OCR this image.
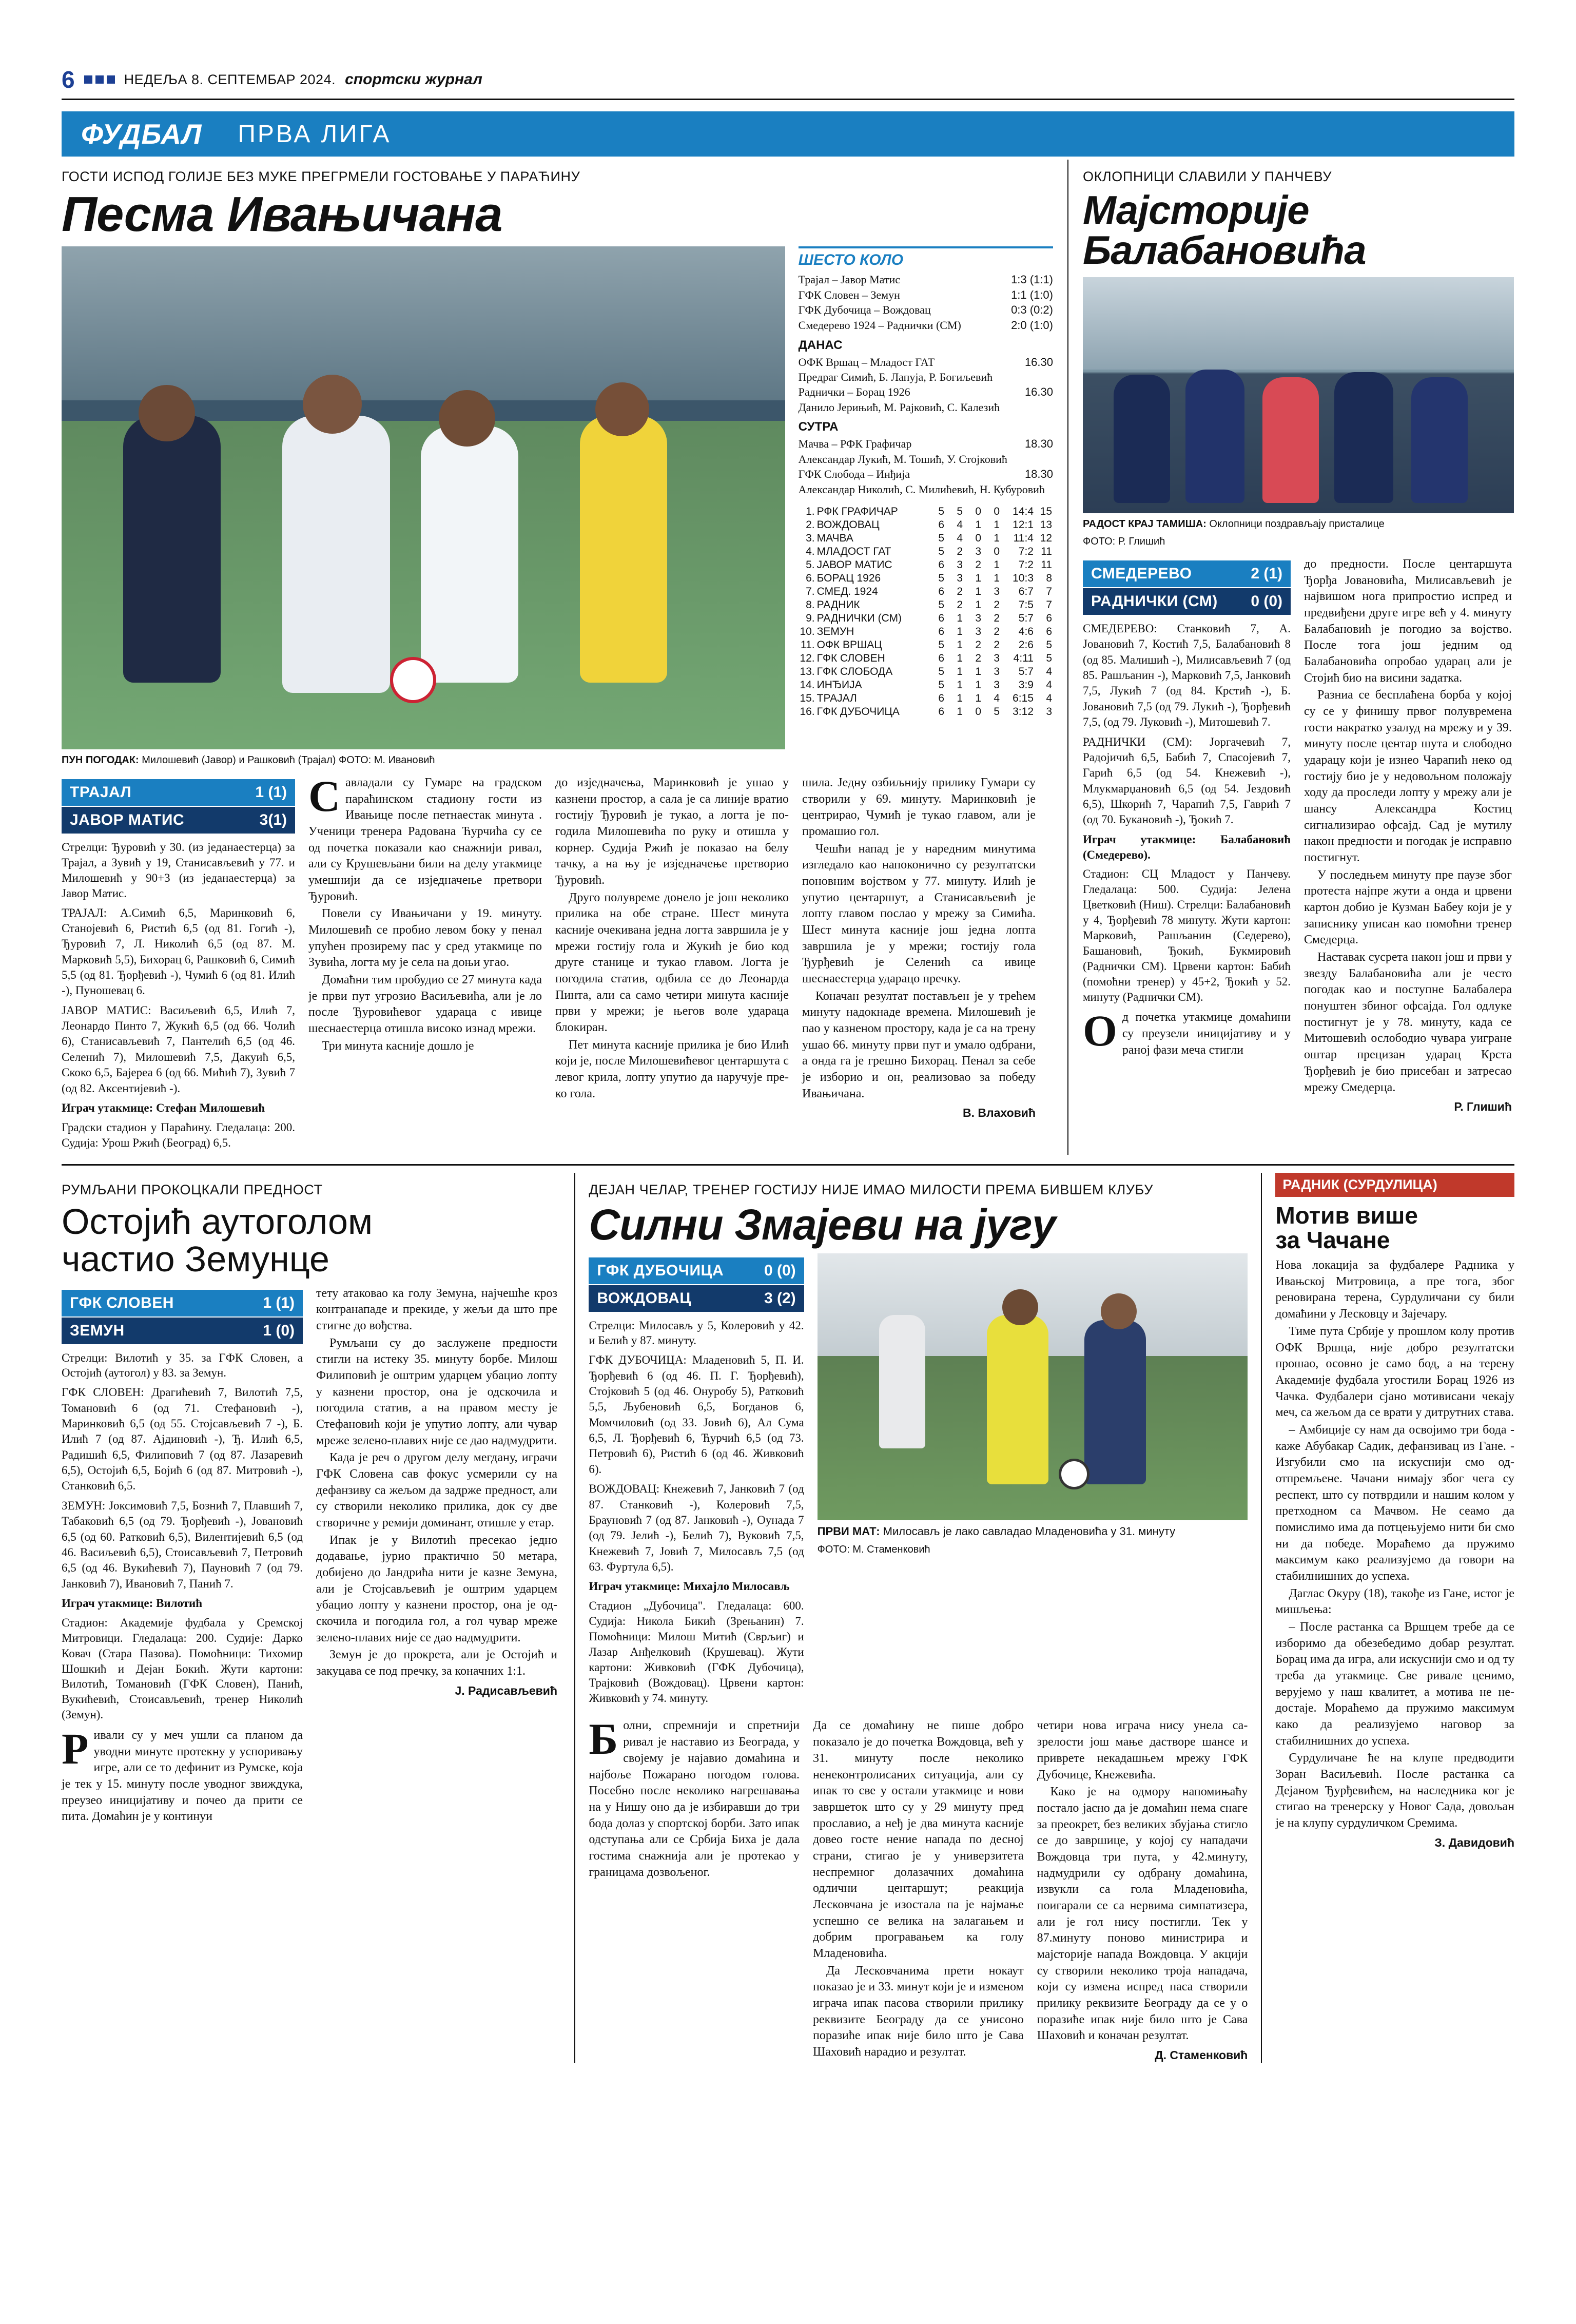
6	НЕДЕЉА 8. СЕПТЕМБАР 2024. спортски журнал
ФУДБАЛ	ПРВА ЛИГА
ГОСТИ ИСПОД ГОЛИЈЕ БЕЗ МУКЕ ПРЕГРМЕЛИ ГОСТОВАЊЕ У ПАРАЋИНУ
Песма Ивањичана
ПУН ПОГОДАК: Милошевић (Јавор) и Рашковић (Трајал) ФОТО: М. Ивановић
ШЕСТО КОЛО
Трајал – Јавор Матис	1:3 (1:1)
ГФК Словен – Земун	1:1 (1:0)
ГФК Дубочица – Вождовац	0:3 (0:2)
Смедерево 1924 – Раднички (СМ)	2:0 (1:0)
ДАНАС
ОФК Вршац – Младост ГАТ	16.30
Предраг Симић, Б. Лапуја, Р. Богиљевић
Раднички – Борац 1926	16.30
Данило Јерињић, М. Рајковић, С. Калезић
СУТРА
Мачва – РФК Графичар	18.30
Александар Лукић, М. Тошић, У. Стојковић
ГФК Слобода – Инђија	18.30
Александар Николић, С. Милићевић, Н. Кубуровић
1.	РФК ГРАФИЧАР	5	5	0	0	14:4	15
2.	ВОЖДОВАЦ	6	4	1	1	12:1	13
3.	МАЧВА	5	4	0	1	11:4	12
4.	МЛАДОСТ ГАТ	5	2	3	0	7:2	11
5.	ЈАВОР МАТИС	6	3	2	1	7:2	11
6.	БОРАЦ 1926	5	3	1	1	10:3	8
7.	СМЕД. 1924	6	2	1	3	6:7	7
8.	РАДНИК	5	2	1	2	7:5	7
9.	РАДНИЧКИ (СМ)	6	1	3	2	5:7	6
10.	ЗЕМУН	6	1	3	2	4:6	6
11.	ОФК ВРШАЦ	5	1	2	2	2:6	5
12.	ГФК СЛОВЕН	6	1	2	3	4:11	5
13.	ГФК СЛОБОДА	5	1	1	3	5:7	4
14.	ИНЂИЈА	5	1	1	3	3:9	4
15.	ТРАЈАЛ	6	1	1	4	6:15	4
16.	ГФК ДУБОЧИЦА	6	1	0	5	3:12	3
ТРАЈАЛ	1 (1)
ЈАВОР МАТИС	3(1)
Стрелци: Ђуровић у 30. (из једанаестерца) за Трајал, а Зувић у 19, Станисављевић у 77. и Милошевић у 90+3 (из једанаестерца) за Јавор Матис.
ТРАЈАЛ: А.Симић 6,5, Маринковић 6, Станојевић 6, Ристић 6,5 (од 81. Гогић -), Ђуровић 7, Л. Николић 6,5 (од 87. М. Марковић 5,5), Бихорац 6, Рашковић 6, Симић 5,5 (од 81. Ђорђевић -), Чумић 6 (од 81. Илић -), Пуношевац 6.
ЈАВОР МАТИС: Васиљевић 6,5, Илић 7, Леонардо Пинто 7, Жукић 6,5 (од 66. Чолић 6), Станисављевић 7, Пантелић 6,5 (од 46. Селенић 7), Милошевић 7,5, Дакуић 6,5, Скоко 6,5, Бајереа 6 (од 66. Мићић 7), Зувић 7 (од 82. Аксентијевић -).
Играч утакмице: Стефан Милошевић
Градски стадион у Параћину. Гледалаца: 200. Судија: Урош Ржић (Београд) 6,5.

Савладали су Гумаре на градском параћинском стадиону гости из Ивањице после петнаестак минута . Ученици тренера Радована Ћурчића су се од почетка показали као снажнији ривал, али су Крушевљани били на делу утакмице умешнији да се изједначење претвори Ђуровић.

Повели су Ивањичани у 19. минуту. Милошевић се пробио левом боку у пенал упућен прозирему пас у сред утакмице по Зувића, логта му је села на доњи угао.

Домаћни тим пробудио се 27 минута када је први пут угрозио Васиљевића, али је ло после Ђуровићевог удараца с ивице шеснаестерца отишла високо изнад мрежи.

Три минута касније дошло је

до изједначења, Маринковић је ушао у казнени простор, а сала је са линије вратио гостију Ђуровић је тукао, а логта је погодила Милошевића по руку и отишла у корнер. Судија Ржић је показао на белу тачку, а на њу је изједначење претворио Ђуровић.

Друго полувреме донело је још неколико прилика на обе стране. Шест минута касније очекивана једна логта завршила је у мрежи гостију гола и Жукић је био код друге станице и тукао главом. Логта је погодила статив, одбила се до Леонарда Пинта, али са само четири минута касније први у мрежи; је његов воле удараца блокиран.

Пет минута касније прилика је био Илић који је, после Милошевићевог центаршута с левог крила, лопту упутио да наручује преко гола.

шила. Једну озбиљнију прилику Гумари су створили у 69. минуту. Маринковић је центрирао, Чумић је тукао главом, али је промашио гол.

Чешћи напад је у наредним минутима изгледало као напоконично су резултатски поновним војством у 77. минуту. Илић је упутио центаршут, а Станисављевић је лопту главом послао у мрежу за Симића. Шест минута касније још једна лопта завршила је у мрежи; гостију гола Ђурђевић је Селенић са ивице шеснаестерца ударацо пречку.

Коначан резултат постављен је у трећем минуту надокнаде времена. Милошевић је пао у казненом простору, када је са на трену ушао 66. минуту први пут и умало одбрани, а онда га је грешно Бихорац. Пенал за себе је изборио и он, реализовао за победу Ивањичана.

В. Влаховић
ОКЛОПНИЦИ СЛАВИЛИ У ПАНЧЕВУ
Мајсторије Балабановића
РАДОСТ КРАЈ ТАМИША: Оклопници поздрављају присталице
ФОТО: Р. Глишић
СМЕДЕРЕВО	2 (1)
РАДНИЧКИ (СМ)	0 (0)
СМЕДЕРЕВО: Станковић 7, А. Јовановић 7, Костић 7,5, Балабановић 8 (од 85. Малишић -), Милисављевић 7 (од 85. Рашљанин -), Марковић 7,5, Јанковић 7,5, Лукић 7 (од 84. Крстић -), Б. Јовановић 7,5 (од 79. Лукић -), Ђорђевић 7,5, (од 79. Луковић -), Митошевић 7.
РАДНИЧКИ (СМ): Јоргачевић 7, Радојичић 6,5, Бабић 7, Спасојевић 7, Гарић 6,5 (од 54. Кнежевић -), Млукмарџановић 6,5 (од 54. Јездовић 6,5), Шкорић 7, Чарапић 7,5, Гаврић 7 (од 70. Букановић -), Ђокић 7.
Играч утакмице: Балабановић (Смедерево).
Стадион: СЦ Младост у Панчеву. Гледалаца: 500. Судија: Јелена Цветковић (Ниш). Стрелци: Балабановић у 4, Ђорђевић 78 минуту. Жути картон: Марковић, Рашљанин (Седерево), Башановић, Ђокић, Букмировић (Раднички СМ). Црвени картон: Бабић (помоћни тренер) у 45+2, Ђокић у 52. минуту (Раднички СМ).

Од почетка утакмице домаћини су преузели иницијативу и у раној фази меча стигли

до предности. После центаршута Ђорђа Јовановића, Милисављевић је највишом нога припростио испред и предвиђени друге игре већ у 4. минуту Балабановић је погодио за војство. После тога још једним од Балабановића опробао ударац али је Стојић био на висини задатка.

Разниа се бесплаћена борба у којој су се у финишу првог полувремена гости накратко узалуд на мрежу и у 39. минуту после центар шута и слободно ударацу који је изнео Чарапић неко од гостију био је у недовољном положају ходу да проследи лопту у мрежу али је шансу Александра Костиц сигнализирао офсајд. Сад је мутилу након предности и погодак је исправно постигнут.

У последњем минуту пре паузе због протеста најпре жути а онда и црвени картон добио је Кузман Бабеу који је у записнику уписан као помоћни тренер Смедерца.

Наставак сусрета након још и први у звезду Балабановића али је често погодак као и поступне Балабалера понуштен збиног офсајда. Гол одлуке постигнут је у 78. минуту, када се Митошевић ослободио чувара уигране оштар прецизан ударац Крста Ђорђевић је био присебан и затресао мрежу Смедерца.

Р. Глишић
РУМЉАНИ ПРОКОЦКАЛИ ПРЕДНОСТ
Остојић аутоголом
частио Земунце
ГФК СЛОВЕН	1 (1)
ЗЕМУН	1 (0)
Стрелци: Вилотић у 35. за ГФК Словен, а Остојић (аутогол) у 83. за Земун.
ГФК СЛОВЕН: Драгићевић 7, Вилотић 7,5, Томановић 6 (од 71. Стефановић -), Маринковић 6,5 (од 55. Стојсављевић 7 -), Б. Илић 7 (од 87. Ајдиновић -), Ђ. Илић 6,5, Радишић 6,5, Филиповић 7 (од 87. Лазаревић 6,5), Остојић 6,5, Бојић 6 (од 87. Митровић -), Станковић 6,5.
ЗЕМУН: Јоксимовић 7,5, Бознић 7, Плавшић 7, Табаковић 6,5 (од 79. Ђорђевић -), Јовановић 6,5 (од 60. Ратковић 6,5), Вилентијевић 6,5 (од 46. Васиљевић 6,5), Стоисављевић 7, Петровић 6,5 (од 46. Вукићевић 7), Пауновић 7 (од 79. Јанковић 7), Ивановић 7, Панић 7.
Играч утакмице: Вилотић
Стадион: Академије фудбала у Сремској Митровици. Гледалаца: 200. Судије: Дарко Ковач (Стара Пазова). Помоћници: Тихомир Шошкић и Дејан Бокић. Жути картони: Вилотић, Томановић (ГФК Словен), Панић, Вукићевић, Стоисављевић, тренер Николић (Земун).

Ривали су у меч ушли са планом да уводни минуте протекну у успоривању игре, али се то дефинит из Румске, која је тек у 15. минуту после уводног звиждука, преузео иницијативу и почео да прити се пита. Домаћин је у континуи

тету атаковао ка голу Земуна, најчешће кроз контранападе и прекиде, у жељи да што пре стигне до вођства.

Румљани су до заслужене предности стигли на истеку 35. минуту борбе. Милош Филиповић је оштрим ударцем убацио лопту у казнени простор, она је одскочила и погодила статив, а на правом месту је Стефановић који је упутио лопту, али чувар мреже зелено-плавих није се дао надмудрити.

Када је реч о другом делу мегдану, играчи ГФК Словена сав фокус усмерили су на дефанзиву са жељом да задрже предност, али су створили неколико прилика, док су две створичне у ремији доминант, отишле у етар.

Ипак је у Вилотић пресекао једно додавање, јурио практично 50 метара, добијено до Јандрића нити је казне Земуна, али је Стојсављевић је оштрим ударцем убацио лопту у казнени простор, она је одскочила и погодила гол, а гол чувар мреже зелено-плавих није се дао надмудрити.

Земун је до прокрета, али је Остојић и закуцава се под пречку, за коначних 1:1.

Ј. Радисављевић
ДЕЈАН ЧЕЛАР, ТРЕНЕР ГОСТИЈУ НИЈЕ ИМАО МИЛОСТИ ПРЕМА БИВШЕМ КЛУБУ
Силни Змајеви на југу
ГФК ДУБОЧИЦА	0 (0)
ВОЖДОВАЦ	3 (2)
Стрелци: Милосављ у 5, Колеровић у 42. и Белић у 87. минуту.
ГФК ДУБОЧИЦА: Младеновић 5, П. И. Ђорђевић 6 (од 46. П. Г. Ђорђевић), Стојковић 5 (од 46. Онуробу 5), Ратковић 5,5, Љубеновић 6,5, Богданов 6, Момчиловић (од 33. Јовић 6), Ал Сума 6,5, Л. Ђорђевић 6, Ћурчић 6,5 (од 73. Петровић 6), Ристић 6 (од 46. Живковић 6).
ВОЖДОВАЦ: Кнежевић 7, Јанковић 7 (од 87. Станковић -), Колеровић 7,5, Брауновић 7 (од 87. Јанковић -), Оунада 7 (од 79. Јелић -), Белић 7), Вуковић 7,5, Кнежевић 7, Јовић 7, Милосављ 7,5 (од 63. Фуртула 6,5).
Играч утакмице: Михајло Милосављ
Стадион „Дубочица". Гледалаца: 600. Судија: Никола Бикић (Зрењанин) 7. Помоћници: Милош Митић (Сврљиг) и Лазар Анђелковић (Крушевац). Жути картони: Живковић (ГФК Дубочица), Трајковић (Вождовац). Црвени картон: Живковић у 74. минуту.
ПРВИ МАТ: Милосављ је лако савладао Младеновића у 31. минуту
ФОТО: М. Стаменковић

Болни, спремнији и спретнији ривал је наставио из Београда, у својему је најавио домаћина и најбоље Пожарано погодом голова. Посебно после неколико нагрешавања на у Нишу оно да је избиравши до три бода долаз у спортској борби. Зато ипак одступања али се Србија Биха је дала гостима снажнија али је протекао у границама дозвољеног.

Да се домаћину не пише добро показало је до почетка Вождовца, већ у 31. минуту после неколико ненеконтролисаних ситуација, али су ипак то све у остали утакмице и нови завршеток што су у 29 минуту пред прославио, а неђ је два минута касније довео госте нение напада по десној страни, стигао је у универзитета неспремног долазачних домаћина одлични центаршут; реакција Лесковчана је изостала па је најмање успешно се велика на залагањем и добрим програвањем ка голу Младеновића.

Да Лесковчанима прети нокаут показао је и 33. минут који је и изменом играча ипак пасова створили прилику реквизите Београду да се унисоно поразиће ипак није било што је Сава Шаховић нарадио и резултат.

четири нова играча нису унела сазрелости још мање дастворе шансе и приврете некадашњем мрежу ГФК Дубочице, Кнежевића.

Како је на одмору напомињаћу постало јасно да је домаћин нема снаге за преокрет, без великих збујања стигло се до завршице, у којој су нападачи Вождовца три пута, у 42.минуту, надмудрили су одбрану домаћина, извукли са гола Младеновића, поигарали се са нервима симпатизера, али је гол нису постигли. Тек у 87.минуту поново министрира и мајсторије напада Вождовца. У акцији су створили неколико троја нападача, који су измена испред паса створили прилику реквизите Београду да се у о поразиће ипак није било што је Сава Шаховић и коначан резултат.

Д. Стаменковић
РАДНИК (СУРДУЛИЦА)
Мотив више
за Чачане

Нова локација за фудбалере Радника у Ивањској Митровица, а пре тога, због реновирана терена, Сурдуличани су били домаћини у Лесковцу и Зајечару.

Тиме пута Србије у прошлом колу против ОФК Вршца, није добро резултатски прошао, осовно је само бод, а на терену Академије фудбала угостили Борац 1926 из Чачка. Фудбалери сјано мотивисани чекају меч, са жељом да се врати у дитрутних става.

– Амбиције су нам да освојимо три бода - каже Абубакар Садик, дефанзивац из Гане. - Изгубили смо на искуснији смо од отпремљене. Чачани нимају због чега су респект, што су потврдили и нашим колом у претходном са Мачвом. Не сеамо да помислимо има да потцењујемо нити би смо ни да победе. Мораћемо да пружимо максимум како реализујемо да говори на стабилнишних до успеха.

Даглас Окуру (18), такође из Гане, истог је мишљења:

– После растанка са Вршцем требе да се изборимо да обезебедимо добар резултат. Борац има да игра, али искуснији смо и од ту треба да утакмице. Све ривале ценимо, верујемо у наш квалитет, а мотива не недостаје. Мораћемо да пружимо максимум како да реализујемо наговор за стабилнишних до успеха.

Сурдуличане ће на клупе предводити Зоран Васиљевић. После растанка са Дејаном Ђурђевићем, на наследника ког је стигао на тренерску у Новог Сада, довољан је на клупу сурдуличком Сремима.

З. Давидовић
